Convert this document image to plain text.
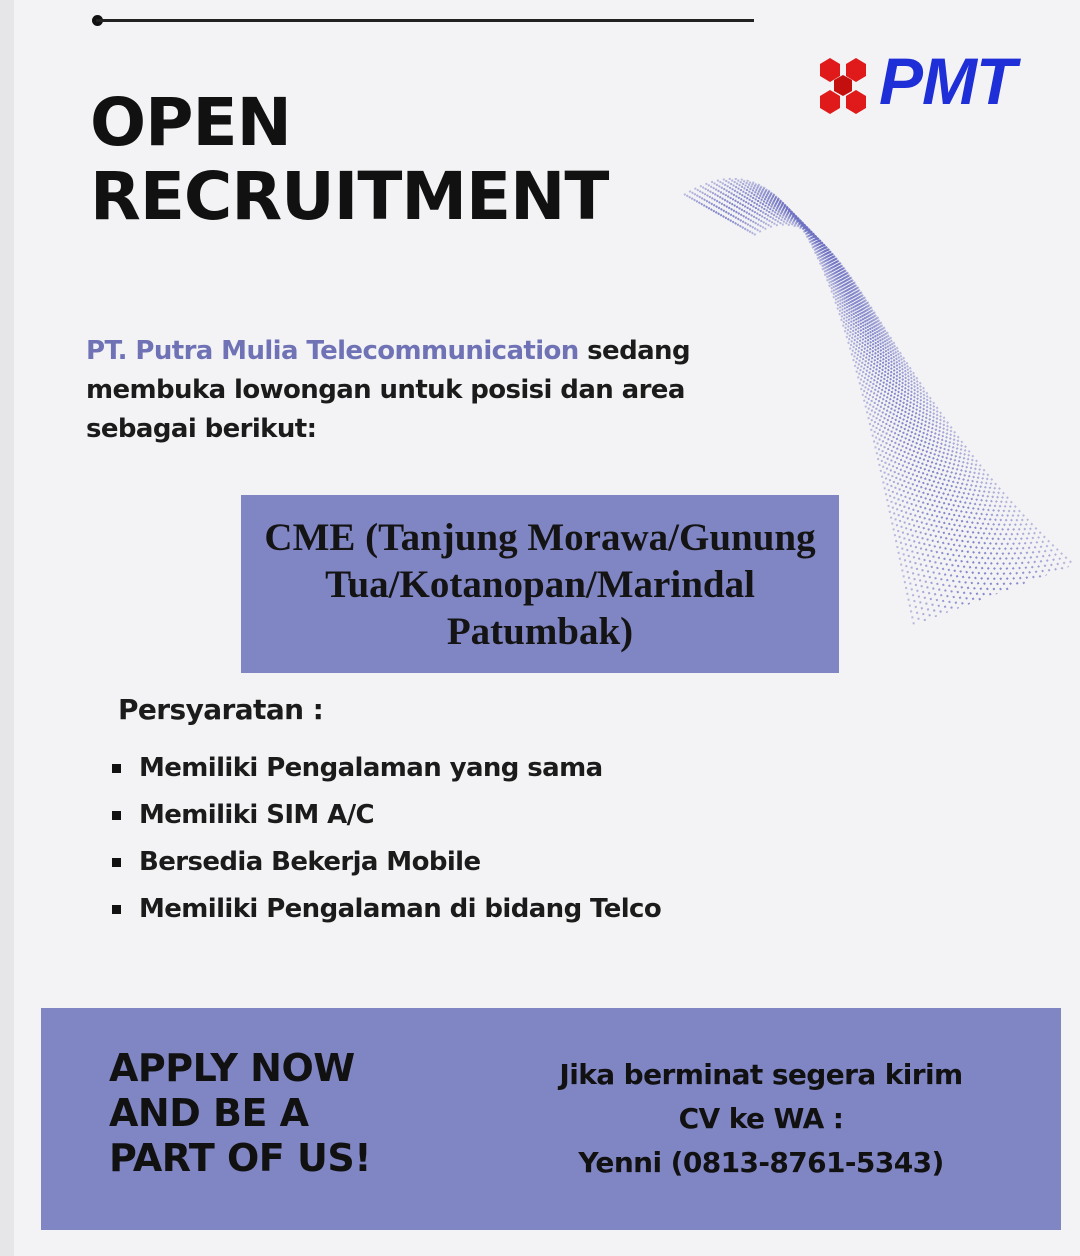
PMT
OPEN
RECRUITMENT

PT. Putra Mulia Telecommunication sedang membuka lowongan untuk posisi dan area sebagai berikut:

CME (Tanjung Morawa/Gunung Tua/Kotanopan/Marindal Patumbak)
Persyaratan :
Memiliki Pengalaman yang sama
Memiliki SIM A/C
Bersedia Bekerja Mobile
Memiliki Pengalaman di bidang Telco
APPLY NOW
AND BE A
PART OF US!
Jika berminat segera kirim
CV ke WA :
Yenni (0813-8761-5343)
